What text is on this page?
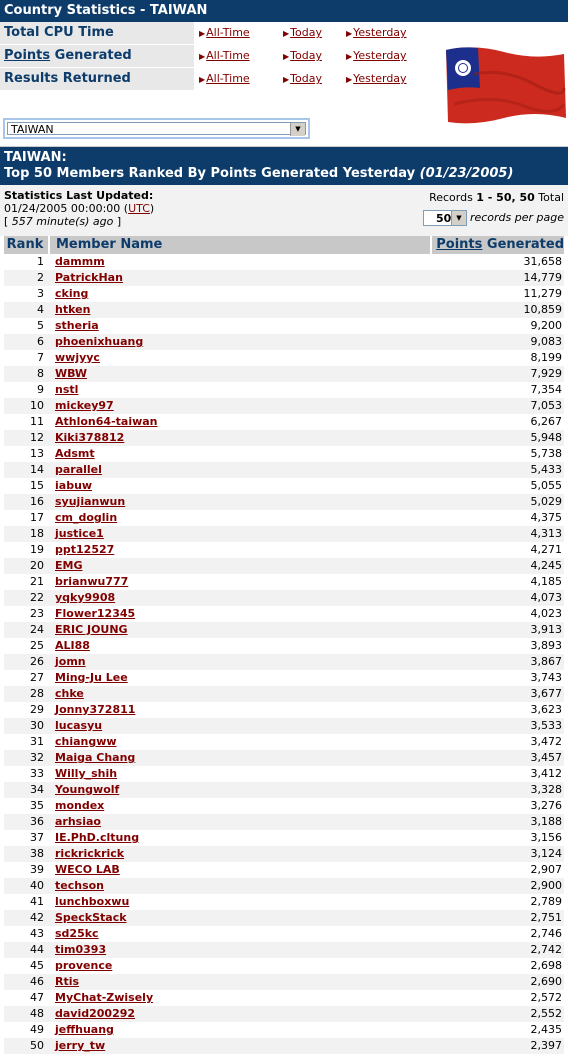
Country Statistics - TAIWAN
Total CPU Time	▶All-Time	▶Today	▶Yesterday
Points Generated	▶All-Time	▶Today	▶Yesterday
Results Returned	▶All-Time	▶Today	▶Yesterday
TAIWAN	▼
TAIWAN:
Top 50 Members Ranked By Points Generated Yesterday (01/23/2005)
Statistics Last Updated:
01/24/2005 00:00:00 (UTC)
[ 557 minute(s) ago ]
Records 1 - 50, 50 Total
50 ▼ records per page
Rank Member Name	Points Generated
1 dammm	31,658
2 PatrickHan	14,779
3 cking	11,279
4 htken	10,859
5 stheria	9,200
6 phoenixhuang	9,083
7 wwjyyc	8,199
8 WBW	7,929
9 nstl	7,354
10 mickey97	7,053
11 Athlon64-taiwan	6,267
12 Kiki378812	5,948
13 Adsmt	5,738
14 parallel	5,433
15 iabuw	5,055
16 syujianwun	5,029
17 cm_doglin	4,375
18 justice1	4,313
19 ppt12527	4,271
20 EMG	4,245
21 brianwu777	4,185
22 yqky9908	4,073
23 Flower12345	4,023
24 ERIC JOUNG	3,913
25 ALI88	3,893
26 jomn	3,867
27 Ming-Ju Lee	3,743
28 chke	3,677
29 Jonny372811	3,623
30 lucasyu	3,533
31 chiangww	3,472
32 Maiga Chang	3,457
33 Willy_shih	3,412
34 Youngwolf	3,328
35 mondex	3,276
36 arhsiao	3,188
37 IE.PhD.cltung	3,156
38 rickrickrick	3,124
39 WECO LAB	2,907
40 techson	2,900
41 lunchboxwu	2,789
42 SpeckStack	2,751
43 sd25kc	2,746
44 tim0393	2,742
45 provence	2,698
46 Rtis	2,690
47 MyChat-Zwisely	2,572
48 david200292	2,552
49 jeffhuang	2,435
50 jerry_tw	2,397
